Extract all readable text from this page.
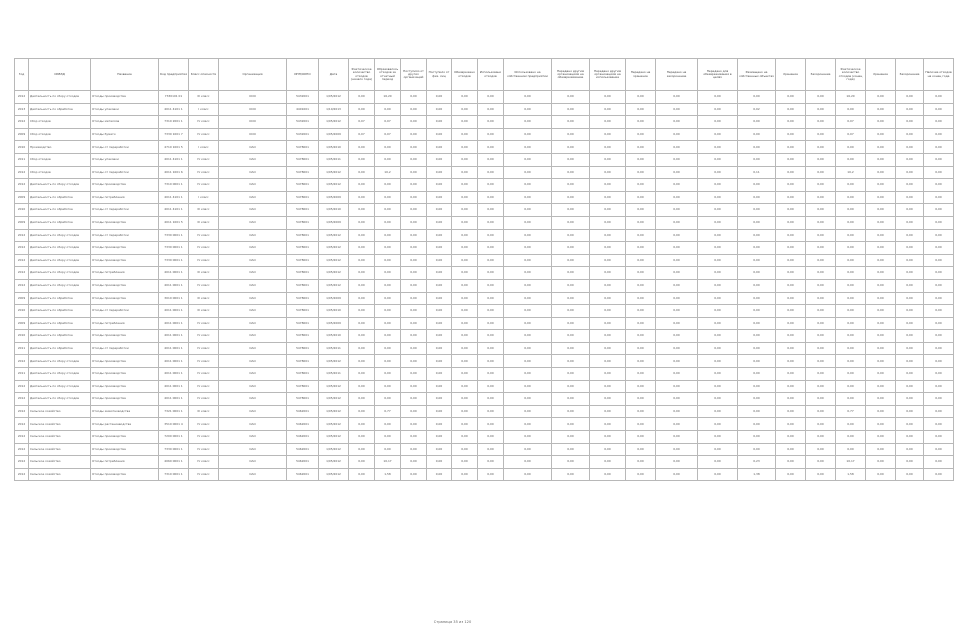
Год	ОКВЭД	Название	Код предприятия	Класс опасности	Организация	ИНН/ОКПО	Дата	Фактическое количество отходов (начало года)	Образовалось отходов за отчетный период	Поступило от других организаций	Поступило от физ. лиц	Обезврежено отходов	Использовано отходов	Использовано на собственном предприятии	Передано другим организациям на обезвреживание	Передано другим организациям на использование	Передано на хранение	Передано на захоронение	Передано для обезвреживания в целях	Размещено на собственных объектах	Хранение	Захоронение	Фактическое количество отходов (конец года)	Хранение	Захоронение	Наличие отходов на конец года
2012	Деятельность по сбору отходов	Отходы производства	7330101 01	III класс	ООО	5432001	1/05/2012	0,00	16,20	0,00	0,00	0,00	0,00	0,00	0,00	0,00	0,00	0,00	0,00	0,00	0,00	0,00	16,20	0,00	0,00	0,00
2013	Деятельность по обработке	Отходы упаковки	4011 4101 1	I класс	ООО	4401001	1/10/2013	0,00	0,00	0,00	0,00	0,00	0,00	0,00	0,00	0,00	0,00	0,00	0,00	0,02	0,00	0,00	0,00	0,00	0,00	0,00
2012	Сбор отходов	Отходы металлов	7310 2001 1	IV класс	ООО	5432001	1/05/2012	0,07	0,07	0,00	0,00	0,00	0,00	0,00	0,00	0,00	0,00	0,00	0,00	0,00	0,00	0,00	0,07	0,00	0,00	0,00
2009	Сбор отходов	Отходы бумаги	7330 1001 7	IV класс	ООО	5432001	1/05/2009	0,07	0,07	0,00	0,00	0,00	0,00	0,00	0,00	0,00	0,00	0,00	0,00	0,00	0,00	0,00	0,07	0,00	0,00	0,00
2010	Производство	Отходы от переработки	4710 1001 5	I класс	ОАО	5478001	1/05/2010	0,00	0,00	0,00	0,00	0,00	0,00	0,00	0,00	0,00	0,00	0,00	0,00	0,00	0,00	0,00	0,00	0,00	0,00	0,00
2011	Сбор отходов	Отходы упаковки	4011 4101 1	IV класс	ОАО	5478001	1/05/2011	0,00	0,00	0,00	0,00	0,00	0,00	0,00	0,00	0,00	0,00	0,00	0,00	0,00	0,00	0,00	0,00	0,00	0,00	0,00
2012	Сбор отходов	Отходы от переработки	4011 1001 6	IV класс	ОАО	5478001	1/05/2012	0,00	10,2	0,00	0,00	0,00	0,00	0,00	0,00	0,00	0,00	0,00	0,00	0,11	0,00	0,00	10,2	0,00	0,00	0,00
2012	Деятельность по сбору отходов	Отходы производства	7310 0001 1	IV класс	ОАО	5478001	1/05/2012	0,00	0,00	0,00	0,00	0,00	0,00	0,00	0,00	0,00	0,00	0,00	0,00	0,00	0,00	0,00	0,00	0,00	0,00	0,00
2009	Деятельность по обработке	Отходы потребления	4011 4101 1	I класс	ОАО	5478001	1/05/2009	0,00	0,00	0,00	0,00	0,00	0,00	0,00	0,00	0,00	0,00	0,00	0,00	0,00	0,00	0,00	0,00	0,00	0,00	0,00
2010	Деятельность по обработке	Отходы от переработки	4011 4101 1	III класс	ОАО	5478001	1/05/2010	0,00	0,00	0,00	0,00	0,00	0,00	0,00	0,00	0,00	0,00	0,00	0,00	0,00	0,00	0,00	0,00	0,00	0,00	0,00
2009	Деятельность по обработке	Отходы производства	4011 1001 5	III класс	ОАО	5478001	1/05/2009	0,00	0,00	0,00	0,00	0,00	0,00	0,00	0,00	0,00	0,00	0,00	0,00	0,00	0,00	0,00	0,00	0,00	0,00	0,00
2012	Деятельность по сбору отходов	Отходы от переработки	7330 0001 1	IV класс	ОАО	5478001	1/05/2012	0,00	0,00	0,00	0,00	0,00	0,00	0,00	0,00	0,00	0,00	0,00	0,00	0,00	0,00	0,00	0,00	0,00	0,00	0,00
2012	Деятельность по сбору отходов	Отходы производства	7330 0001 1	IV класс	ОАО	5478001	1/05/2012	0,00	0,00	0,00	0,00	0,00	0,00	0,00	0,00	0,00	0,00	0,00	0,00	0,00	0,00	0,00	0,00	0,00	0,00	0,00
2012	Деятельность по сбору отходов	Отходы производства	7330 0001 1	IV класс	ОАО	5478001	1/05/2012	0,00	0,00	0,00	0,00	0,00	0,00	0,00	0,00	0,00	0,00	0,00	0,00	0,00	0,00	0,00	0,00	0,00	0,00	0,00
2012	Деятельность по сбору отходов	Отходы потребления	4011 0001 1	III класс	ОАО	5478001	1/05/2012	0,00	0,00	0,00	0,00	0,00	0,00	0,00	0,00	0,00	0,00	0,00	0,00	0,00	0,00	0,00	0,00	0,00	0,00	0,00
2012	Деятельность по сбору отходов	Отходы производства	4011 0001 1	IV класс	ОАО	5478001	1/05/2012	0,00	0,00	0,00	0,00	0,00	0,00	0,00	0,00	0,00	0,00	0,00	0,00	0,00	0,00	0,00	0,00	0,00	0,00	0,00
2009	Деятельность по обработке	Отходы производства	3010 0001 1	III класс	ОАО	5478001	1/05/2009	0,00	0,00	0,00	0,00	0,00	0,00	0,00	0,00	0,00	0,00	0,00	0,00	0,00	0,00	0,00	0,00	0,00	0,00	0,00
2010	Деятельность по обработке	Отходы от переработки	4011 0001 1	III класс	ОАО	5478001	1/05/2010	0,00	0,00	0,00	0,00	0,00	0,00	0,00	0,00	0,00	0,00	0,00	0,00	0,00	0,00	0,00	0,00	0,00	0,00	0,00
2009	Деятельность по обработке	Отходы потребления	4011 0001 1	IV класс	ОАО	5478001	1/05/2009	0,00	0,00	0,00	0,00	0,00	0,00	0,00	0,00	0,00	0,00	0,00	0,00	0,00	0,00	0,00	0,00	0,00	0,00	0,00
2010	Деятельность по обработке	Отходы производства	4011 0001 1	IV класс	ОАО	5478001	1/05/2010	0,00	0,00	0,00	0,00	0,00	0,00	0,00	0,00	0,00	0,00	0,00	0,00	0,00	0,00	0,00	0,00	0,00	0,00	0,00
2011	Деятельность по обработке	Отходы от переработки	4011 0001 1	IV класс	ОАО	5478001	1/05/2011	0,00	0,00	0,00	0,00	0,00	0,00	0,00	0,00	0,00	0,00	0,00	0,00	0,00	0,00	0,00	0,00	0,00	0,00	0,00
2012	Деятельность по сбору отходов	Отходы производства	4011 0001 1	IV класс	ОАО	5478001	1/05/2012	0,00	0,00	0,00	0,00	0,00	0,00	0,00	0,00	0,00	0,00	0,00	0,00	0,00	0,00	0,00	0,00	0,00	0,00	0,00
2011	Деятельность по сбору отходов	Отходы производства	4011 0001 1	IV класс	ОАО	5478001	1/05/2011	0,00	0,00	0,00	0,00	0,00	0,00	0,00	0,00	0,00	0,00	0,00	0,00	0,00	0,00	0,00	0,00	0,00	0,00	0,00
2012	Деятельность по сбору отходов	Отходы производства	4011 0001 1	IV класс	ОАО	5478001	1/05/2012	0,00	0,00	0,00	0,00	0,00	0,00	0,00	0,00	0,00	0,00	0,00	0,00	0,00	0,00	0,00	0,00	0,00	0,00	0,00
2012	Деятельность по сбору отходов	Отходы производства	4011 0001 1	IV класс	ОАО	5478001	1/05/2012	0,00	0,00	0,00	0,00	0,00	0,00	0,00	0,00	0,00	0,00	0,00	0,00	0,00	0,00	0,00	0,00	0,00	0,00	0,00
2012	Сельское хозяйство	Отходы животноводства	7321 0001 1	III класс	ОАО	5462001	1/05/2012	0,00	0,77	0,00	0,00	0,00	0,00	0,00	0,00	0,00	0,00	0,00	0,00	0,00	0,00	0,00	0,77	0,00	0,00	0,00
2012	Сельское хозяйство	Отходы растениеводства	3510 0001 4	IV класс	ОАО	5462001	1/05/2012	0,00	0,00	0,00	0,00	0,00	0,00	0,00	0,00	0,00	0,00	0,00	0,00	0,00	0,00	0,00	0,00	0,00	0,00	0,00
2012	Сельское хозяйство	Отходы производства	7200 0001 1	IV класс	ОАО	5462001	1/05/2012	0,00	0,00	0,00	0,00	0,00	0,00	0,00	0,00	0,00	0,00	0,00	0,00	0,00	0,00	0,00	0,00	0,00	0,00	0,00
2012	Сельское хозяйство	Отходы производства	7330 0001 1	IV класс	ОАО	5462001	1/05/2012	0,00	0,00	0,00	0,00	0,00	0,00	0,00	0,00	0,00	0,00	0,00	0,00	0,00	0,00	0,00	0,00	0,00	0,00	0,00
2012	Сельское хозяйство	Отходы потребления	4060 0001 1	IV класс	ОАО	5462001	1/05/2012	0,00	10,17	0,00	0,00	0,00	0,00	0,00	0,00	0,00	0,00	0,00	0,00	0,23	0,00	0,00	10,17	0,00	0,00	0,00
2012	Сельское хозяйство	Отходы производства	7310 0001 1	IV класс	ОАО	5462001	1/05/2012	0,00	1,58	0,00	0,00	0,00	0,00	0,00	0,00	0,00	0,00	0,00	0,00	1,38	0,00	0,00	1,58	0,00	0,00	0,00
Страница 35 из 120
